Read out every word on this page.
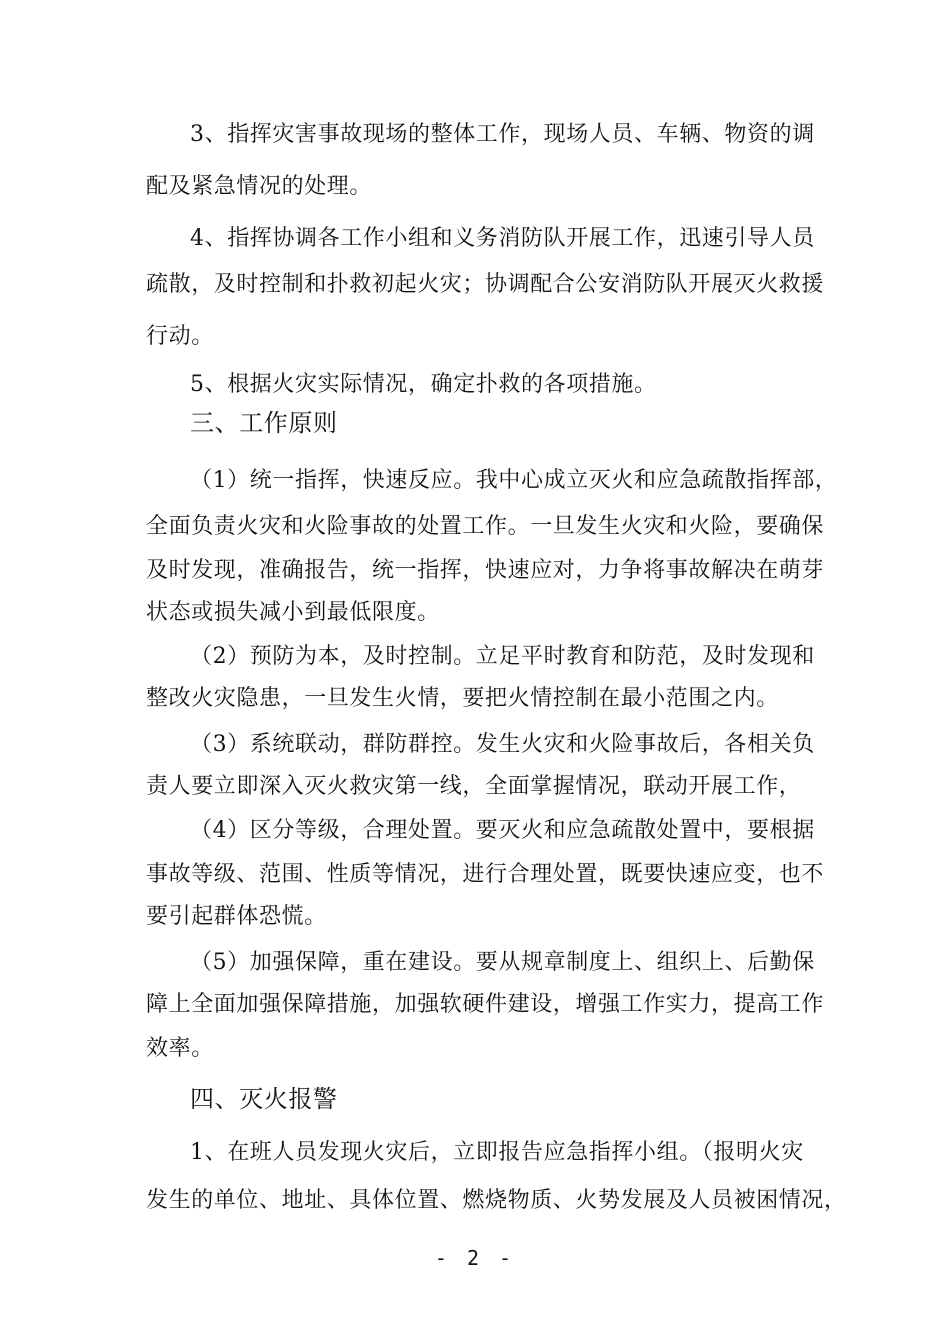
3、指挥灾害事故现场的整体工作，现场人员、车辆、物资的调
配及紧急情况的处理。
4、指挥协调各工作小组和义务消防队开展工作，迅速引导人员
疏散，及时控制和扑救初起火灾；协调配合公安消防队开展灭火救援
行动。
5、根据火灾实际情况，确定扑救的各项措施。
三、工作原则
（1）统一指挥，快速反应。我中心成立灭火和应急疏散指挥部，
全面负责火灾和火险事故的处置工作。一旦发生火灾和火险，要确保
及时发现，准确报告，统一指挥，快速应对，力争将事故解决在萌芽
状态或损失减小到最低限度。
（2）预防为本，及时控制。立足平时教育和防范，及时发现和
整改火灾隐患，一旦发生火情，要把火情控制在最小范围之内。
（3）系统联动，群防群控。发生火灾和火险事故后，各相关负
责人要立即深入灭火救灾第一线，全面掌握情况，联动开展工作，
（4）区分等级，合理处置。要灭火和应急疏散处置中，要根据
事故等级、范围、性质等情况，进行合理处置，既要快速应变，也不
要引起群体恐慌。
（5）加强保障，重在建设。要从规章制度上、组织上、后勤保
障上全面加强保障措施，加强软硬件建设，增强工作实力，提高工作
效率。
四、灭火报警
1、在班人员发现火灾后，立即报告应急指挥小组。（报明火灾
发生的单位、地址、具体位置、燃烧物质、火势发展及人员被困情况，
- 2 -
